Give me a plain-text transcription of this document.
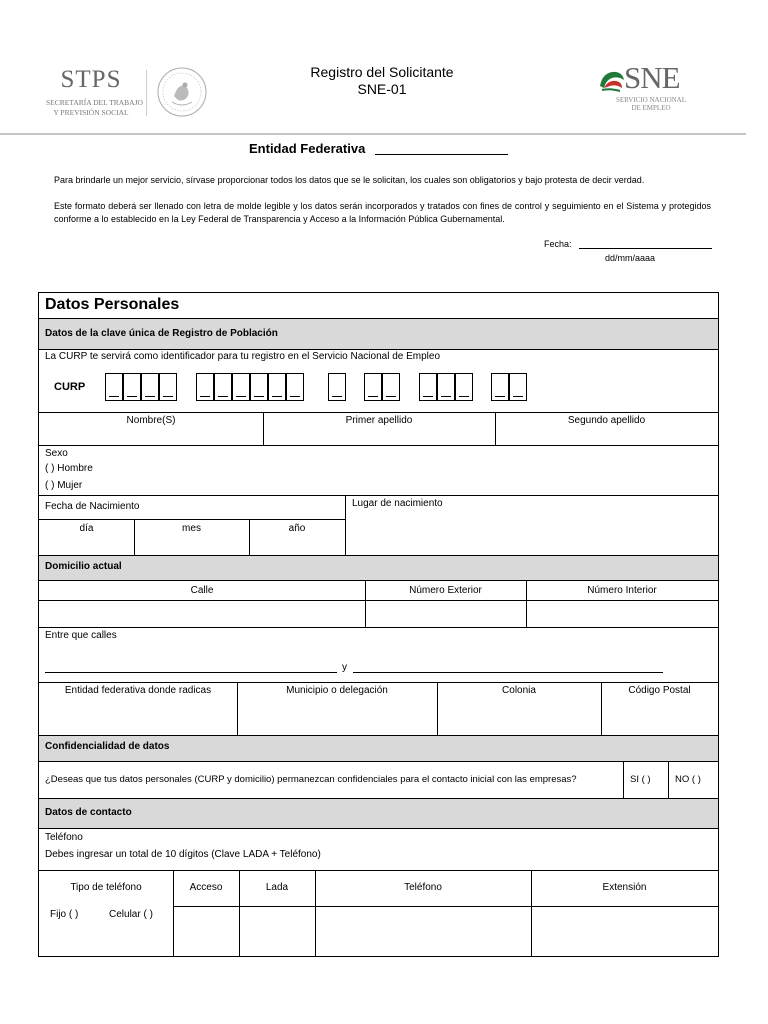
STPS
SECRETARÍA DEL TRABAJO
Y PREVISIÓN SOCIAL
Registro del Solicitante
SNE-01	SNE
SERVICIO NACIONAL
DE EMPLEO
Entidad Federativa
Para brindarle un mejor servicio, sírvase proporcionar todos los datos que se le solicitan, los cuales son obligatorios y bajo protesta de decir verdad.
Este formato deberá ser llenado con letra de molde legible y los datos serán incorporados y tratados con fines de control y seguimiento en el Sistema y protegidos conforme a lo establecido en la Ley Federal de Transparencia y Acceso a la Información Pública Gubernamental.
Fecha:
dd/mm/aaaa
Datos Personales
Datos de la clave única de Registro de Población
La CURP te servirá como identificador para tu registro en el Servicio Nacional de Empleo
CURP
Nombre(S)	Primer apellido	Segundo apellido
Sexo
( ) Hombre
( ) Mujer
Fecha de Nacimiento	Lugar de nacimiento
día	mes	año
Domicilio actual
Calle	Número Exterior	Número Interior
Entre que calles
y
Entidad federativa donde radicas	Municipio o delegación	Colonia	Código Postal
Confidencialidad de datos
¿Deseas que tus datos personales (CURP y domicilio) permanezcan confidenciales para el contacto inicial con las empresas?	SI ( )	NO ( )
Datos de contacto
Teléfono
Debes ingresar un total de 10 dígitos (Clave LADA + Teléfono)
Tipo de teléfono	Acceso	Lada	Teléfono	Extensión
Fijo ( )	Celular ( )
